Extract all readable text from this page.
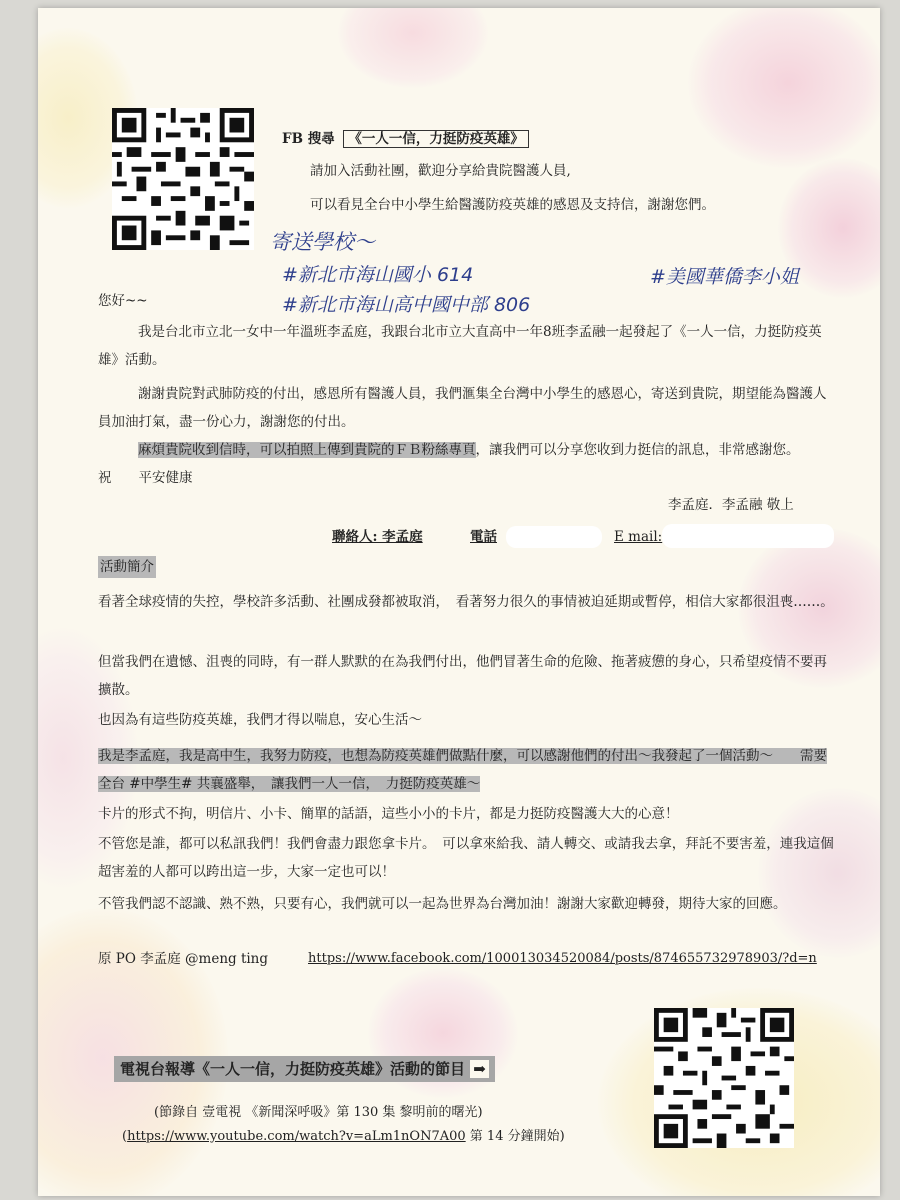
FB 搜尋 《一人一信，力挺防疫英雄》
請加入活動社團，歡迎分享給貴院醫護人員,
可以看見全台中小學生給醫護防疫英雄的感恩及支持信，謝謝您們。
寄送學校～
#新北市海山國小 614
#新北市海山高中國中部 806
#美國華僑李小姐
您好~~
我是台北市立北一女中一年溫班李孟庭，我跟台北市立大直高中一年8班李孟融一起發起了《一人一信，力挺防疫英雄》活動。
謝謝貴院對武肺防疫的付出，感恩所有醫護人員，我們滙集全台灣中小學生的感恩心，寄送到貴院，期望能為醫護人員加油打氣，盡一份心力，謝謝您的付出。
麻煩貴院收到信時，可以拍照上傳到貴院的ＦＢ粉絲專頁，讓我們可以分享您收到力挺信的訊息，非常感謝您。　　祝　　平安健康
李孟庭．李孟融 敬上
聯絡人: 李孟庭	電話	E mail:
活動簡介
看著全球疫情的失控，學校許多活動、社團成發都被取消，　看著努力很久的事情被迫延期或暫停，相信大家都很沮喪……。
但當我們在遺憾、沮喪的同時，有一群人默默的在為我們付出，他們冒著生命的危險、拖著疲憊的身心，只希望疫情不要再擴散。
也因為有這些防疫英雄，我們才得以喘息，安心生活～
我是李孟庭，我是高中生，我努力防疫，也想為防疫英雄們做點什麼，可以感謝他們的付出～我發起了一個活動～　　需要全台 #中學生# 共襄盛舉，　讓我們一人一信，　力挺防疫英雄～
卡片的形式不拘，明信片、小卡、簡單的話語，這些小小的卡片，都是力挺防疫醫護大大的心意！
不管您是誰，都可以私訊我們！我們會盡力跟您拿卡片。　可以拿來給我、請人轉交、或請我去拿，拜託不要害羞，連我這個超害羞的人都可以跨出這一步，大家一定也可以！
不管我們認不認識、熟不熟，只要有心，我們就可以一起為世界為台灣加油！謝謝大家歡迎轉發，期待大家的回應。
原 PO 李孟庭 @meng ting	https://www.facebook.com/100013034520084/posts/874655732978903/?d=n
電視台報導《一人一信，力挺防疫英雄》活動的節目 ➡
(節錄自 壹電視 《新聞深呼吸》第 130 集 黎明前的曙光)
(https://www.youtube.com/watch?v=aLm1nON7A00 第 14 分鐘開始)
